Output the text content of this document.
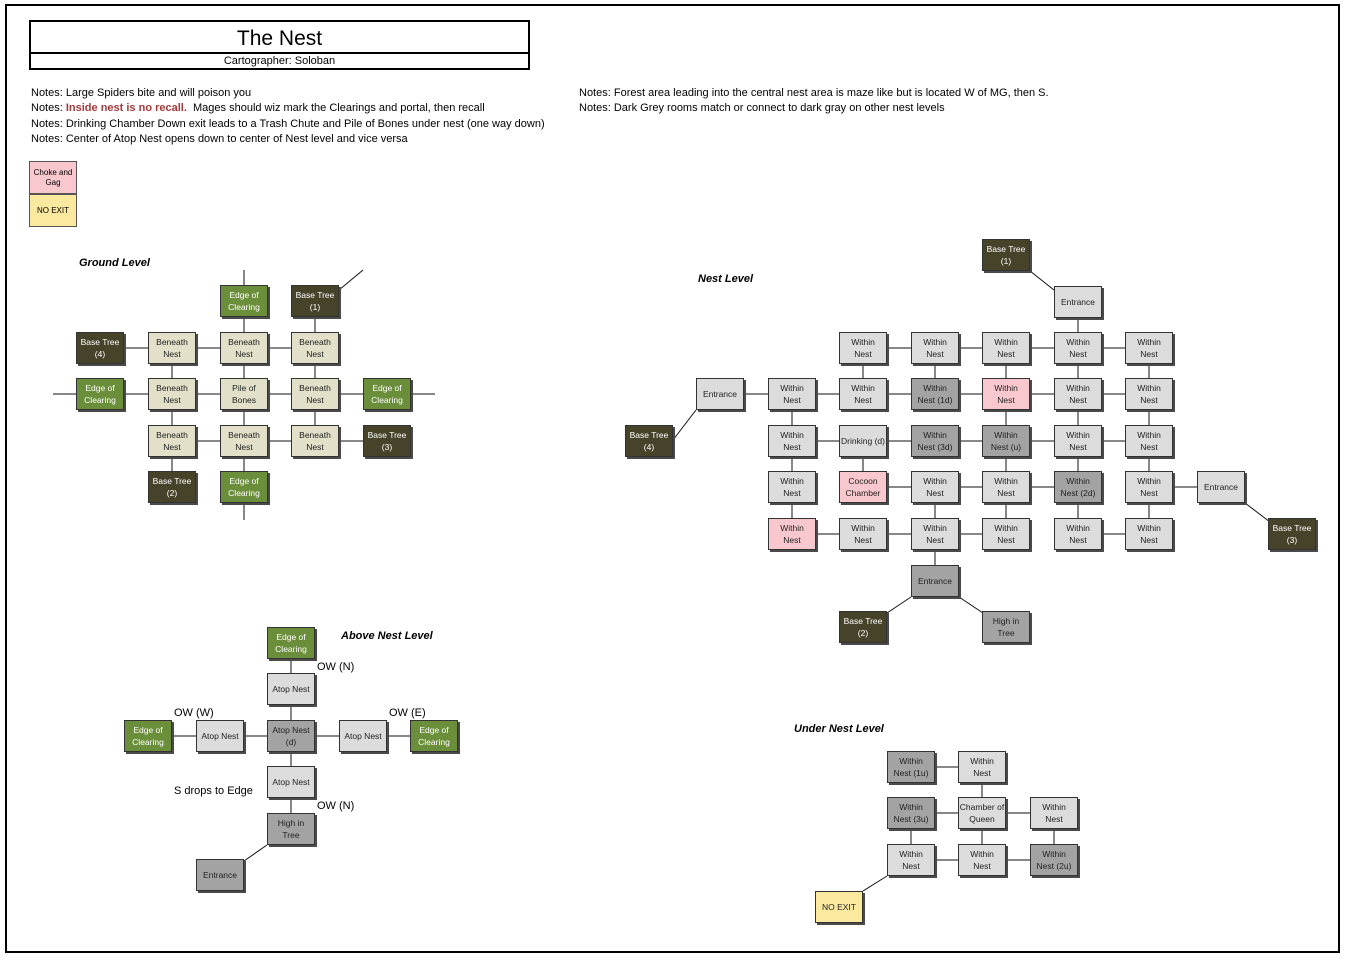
The Nest
Cartographer: Soloban
Notes: Large Spiders bite and will poison you
Notes: Inside nest is no recall.  Mages should wiz mark the Clearings and portal, then recall
Notes: Drinking Chamber Down exit leads to a Trash Chute and Pile of Bones under nest (one way down)
Notes: Center of Atop Nest opens down to center of Nest level and vice versa
Notes: Forest area leading into the central nest area is maze like but is located W of MG, then S.
Notes: Dark Grey rooms match or connect to dark gray on other nest levels
Choke and Gag
NO EXIT
Ground Level
Nest Level
Above Nest Level
Under Nest Level
OW (N)
OW (W)	OW (E)
S drops to Edge
OW (N)
Edge of
Clearing
Base Tree
(1)
Base Tree
(4)
Beneath
Nest
Beneath
Nest
Beneath
Nest
Edge of
Clearing
Beneath
Nest
Pile of
Bones
Beneath
Nest
Edge of
Clearing
Beneath
Nest
Beneath
Nest
Beneath
Nest
Base Tree
(3)
Base Tree
(2)
Edge of
Clearing
Base Tree
(1)
Entrance
Within
Nest
Within
Nest
Within
Nest
Within
Nest
Within
Nest
Entrance
Within
Nest
Within
Nest
Within
Nest (1d)
Within
Nest
Within
Nest
Within
Nest
Base Tree
(4)
Within
Nest
Drinking (d)
Within
Nest (3d)
Within
Nest (u)
Within
Nest
Within
Nest
Within
Nest
Cocoon
Chamber
Within
Nest
Within
Nest
Within
Nest (2d)
Within
Nest
Entrance
Within
Nest
Within
Nest
Within
Nest
Within
Nest
Within
Nest
Within
Nest
Base Tree
(3)
Entrance
Base Tree
(2)
High in
Tree
Edge of
Clearing
Atop Nest
Edge of
Clearing
Atop Nest
Atop Nest
(d)
Atop Nest
Edge of
Clearing
Atop Nest
High in
Tree
Entrance
Within
Nest (1u)
Within
Nest
Within
Nest (3u)
Chamber of
Queen
Within
Nest
Within
Nest
Within
Nest
Within
Nest (2u)
NO EXIT
